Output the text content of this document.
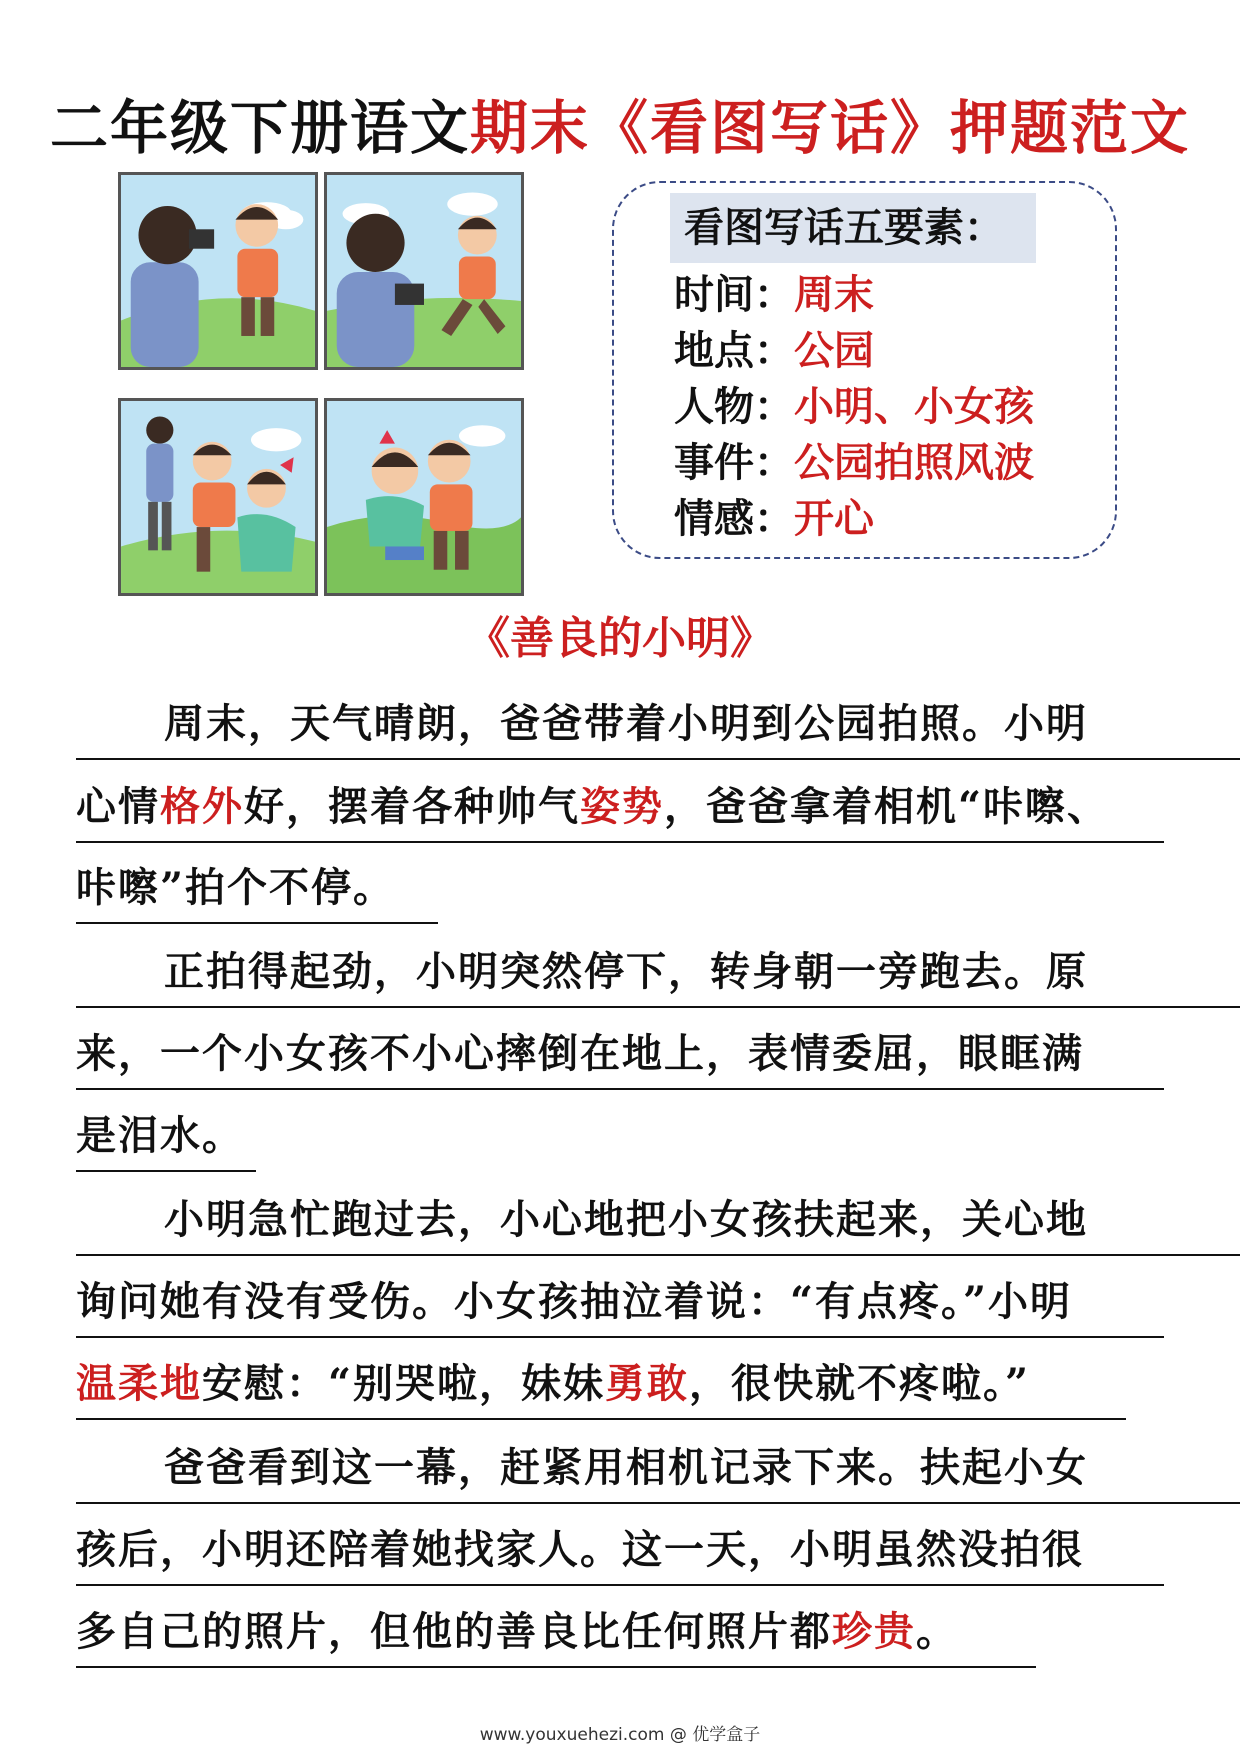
二年级下册语文期末《看图写话》押题范文
看图写话五要素：
时间：周末
地点：公园
人物：小明、小女孩
事件：公园拍照风波
情感：开心
《善良的小明》
周末，天气晴朗，爸爸带着小明到公园拍照。小明
心情格外好，摆着各种帅气姿势，爸爸拿着相机“咔嚓、
咔嚓”拍个不停。
正拍得起劲，小明突然停下，转身朝一旁跑去。原
来，一个小女孩不小心摔倒在地上，表情委屈，眼眶满
是泪水。
小明急忙跑过去，小心地把小女孩扶起来，关心地
询问她有没有受伤。小女孩抽泣着说：“有点疼。”小明
温柔地安慰：“别哭啦，妹妹勇敢，很快就不疼啦。”
爸爸看到这一幕，赶紧用相机记录下来。扶起小女
孩后，小明还陪着她找家人。这一天，小明虽然没拍很
多自己的照片，但他的善良比任何照片都珍贵。
www.youxuehezi.com @ 优学盒子
